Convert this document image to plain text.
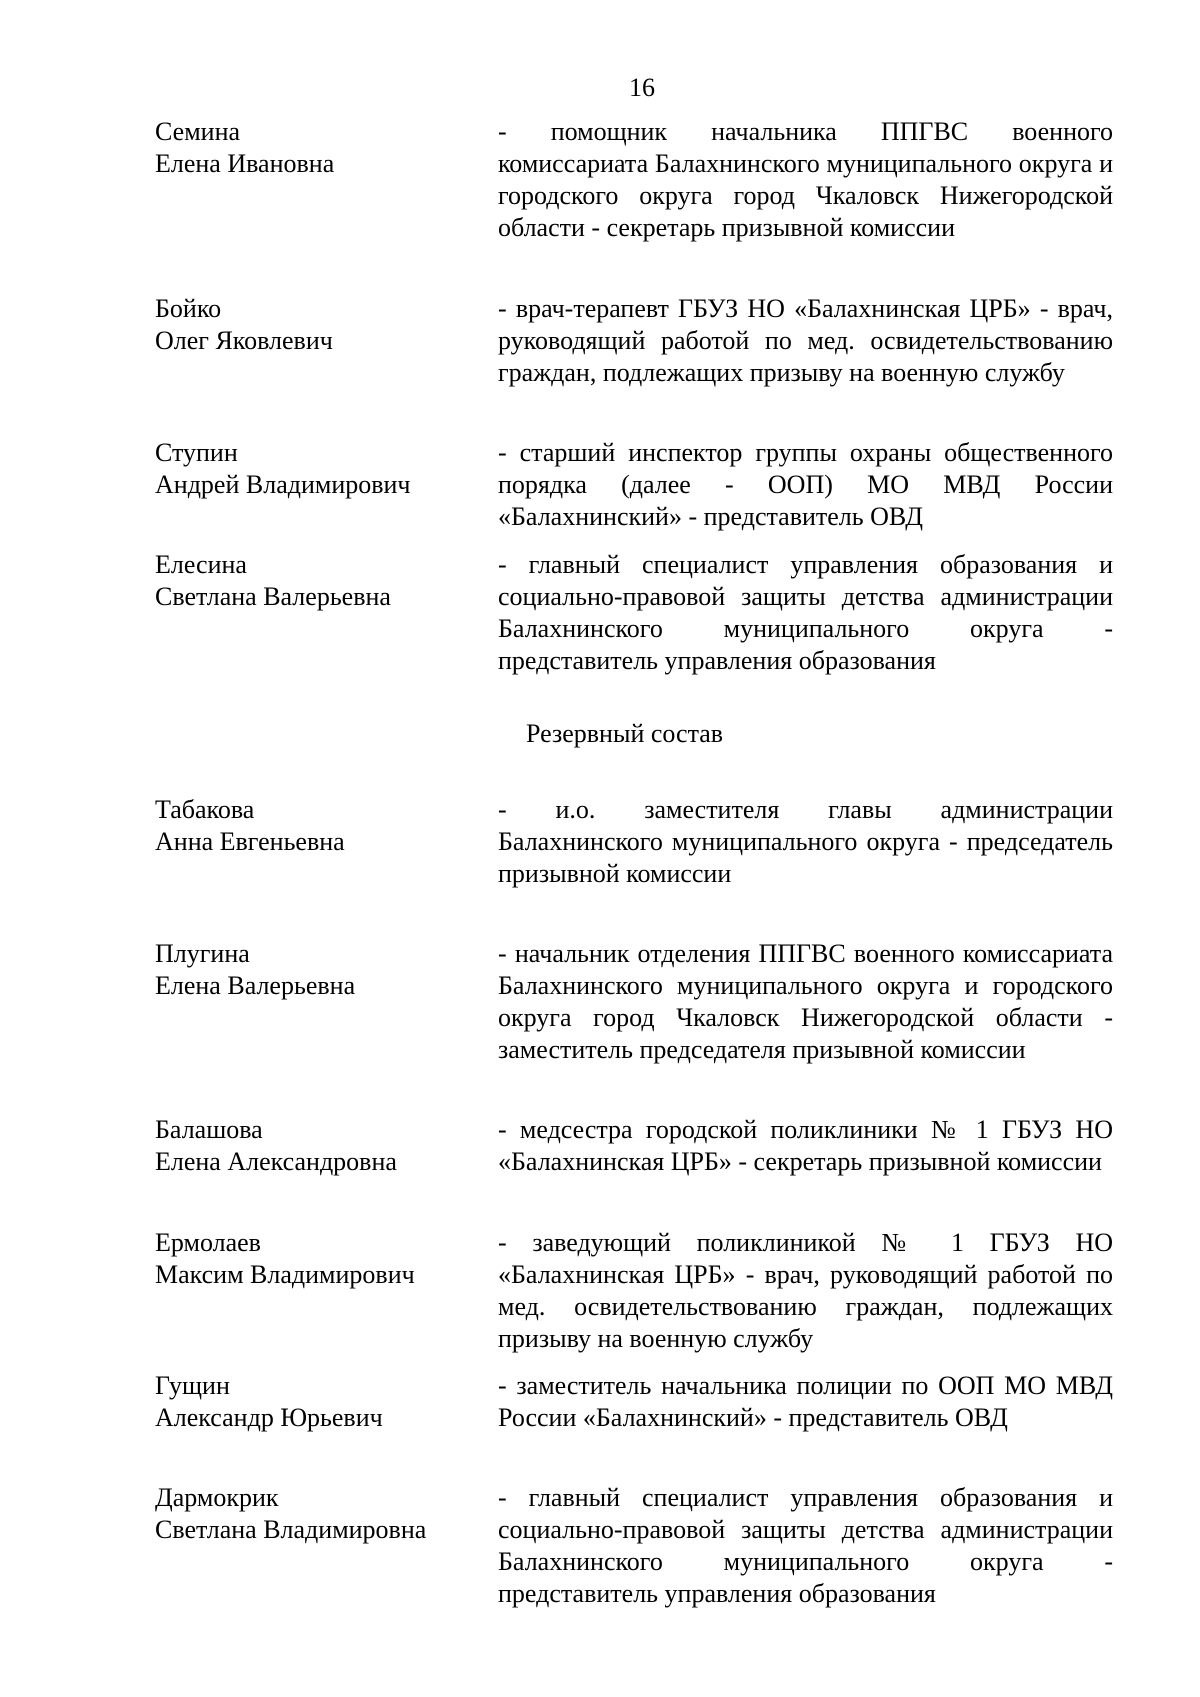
16
Семина
Елена Ивановна
- помощник начальника ППГВС военного комиссариата Балахнинского муниципального округа и городского округа город Чкаловск Нижегородской области - секретарь призывной комиссии
Бойко
Олег Яковлевич
- врач-терапевт ГБУЗ НО «Балахнинская ЦРБ» - врач, руководящий работой по мед. освидетельствованию граждан, подлежащих призыву на военную службу
Ступин
Андрей Владимирович
- старший инспектор группы охраны общественного порядка (далее - ООП) МО МВД России «Балахнинский» - представитель ОВД
Елесина
Светлана Валерьевна
- главный специалист управления образования и социально-правовой защиты детства администрации Балахнинского муниципального округа - представитель управления образования
Резервный состав
Табакова
Анна Евгеньевна
- и.о. заместителя главы администрации Балахнинского муниципального округа - председатель призывной комиссии
Плугина
Елена Валерьевна
- начальник отделения ППГВС военного комиссариата Балахнинского муниципального округа и городского округа город Чкаловск Нижегородской области - заместитель председателя призывной комиссии
Балашова
Елена Александровна
- медсестра городской поликлиники № 1 ГБУЗ НО «Балахнинская ЦРБ» - секретарь призывной комиссии
Ермолаев
Максим Владимирович
- заведующий поликлиникой № 1 ГБУЗ НО «Балахнинская ЦРБ» - врач, руководящий работой по мед. освидетельствованию граждан, подлежащих призыву на военную службу
Гущин
Александр Юрьевич
- заместитель начальника полиции по ООП МО МВД России «Балахнинский» - представитель ОВД
Дармокрик
Светлана Владимировна
- главный специалист управления образования и социально-правовой защиты детства администрации Балахнинского муниципального округа - представитель управления образования
